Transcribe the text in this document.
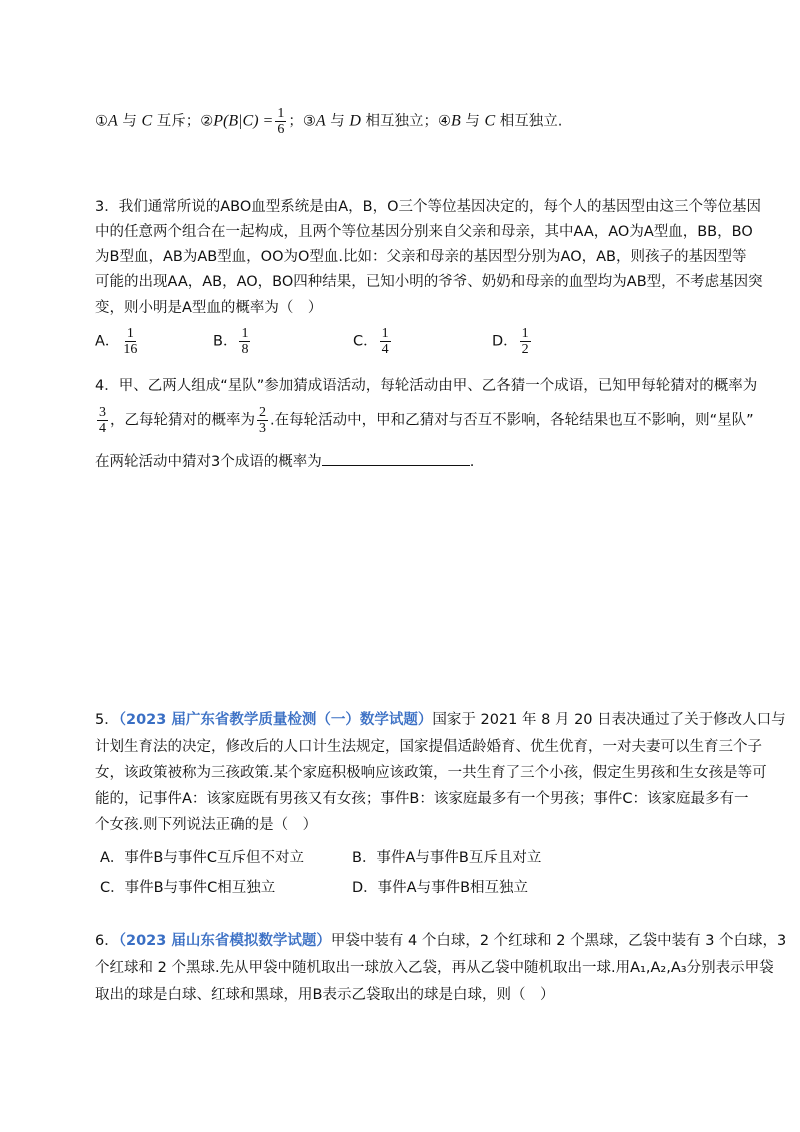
①A 与 C 互斥；②P(B|C) = $\frac{1}{6}$ ；③A 与 D 相互独立；④B 与 C 相互独立.
3．我们通常所说的ABO血型系统是由A，B，O三个等位基因决定的，每个人的基因型由这三个等位基因
中的任意两个组合在一起构成，且两个等位基因分别来自父亲和母亲，其中AA，AO为A型血，BB，BO
为B型血，AB为AB型血，OO为O型血.比如：父亲和母亲的基因型分别为AO，AB，则孩子的基因型等
可能的出现AA，AB，AO，BO四种结果，已知小明的爷爷、奶奶和母亲的血型均为AB型，不考虑基因突
变，则小明是A型血的概率为（　）
A． $\frac{1}{16}$	B． $\frac{1}{8}$	C． $\frac{1}{4}$	D． $\frac{1}{2}$
4．甲、乙两人组成“星队”参加猜成语活动，每轮活动由甲、乙各猜一个成语，已知甲每轮猜对的概率为
$\frac{3}{4}$ ，乙每轮猜对的概率为 $\frac{2}{3}$ .在每轮活动中，甲和乙猜对与否互不影响，各轮结果也互不影响，则“星队”
在两轮活动中猜对3个成语的概率为	.
5．（2023 届广东省教学质量检测（一）数学试题）国家于 2021 年 8 月 20 日表决通过了关于修改人口与
计划生育法的决定，修改后的人口计生法规定，国家提倡适龄婚育、优生优育，一对夫妻可以生育三个子
女，该政策被称为三孩政策.某个家庭积极响应该政策，一共生育了三个小孩，假定生男孩和生女孩是等可
能的，记事件A：该家庭既有男孩又有女孩；事件B：该家庭最多有一个男孩；事件C：该家庭最多有一
个女孩.则下列说法正确的是（　）
A．事件B与事件C互斥但不对立	B．事件A与事件B互斥且对立
C．事件B与事件C相互独立	D．事件A与事件B相互独立
6．（2023 届山东省模拟数学试题）甲袋中装有 4 个白球，2 个红球和 2 个黑球，乙袋中装有 3 个白球，3
个红球和 2 个黑球.先从甲袋中随机取出一球放入乙袋，再从乙袋中随机取出一球.用A₁,A₂,A₃分别表示甲袋
取出的球是白球、红球和黑球，用B表示乙袋取出的球是白球，则（　）
